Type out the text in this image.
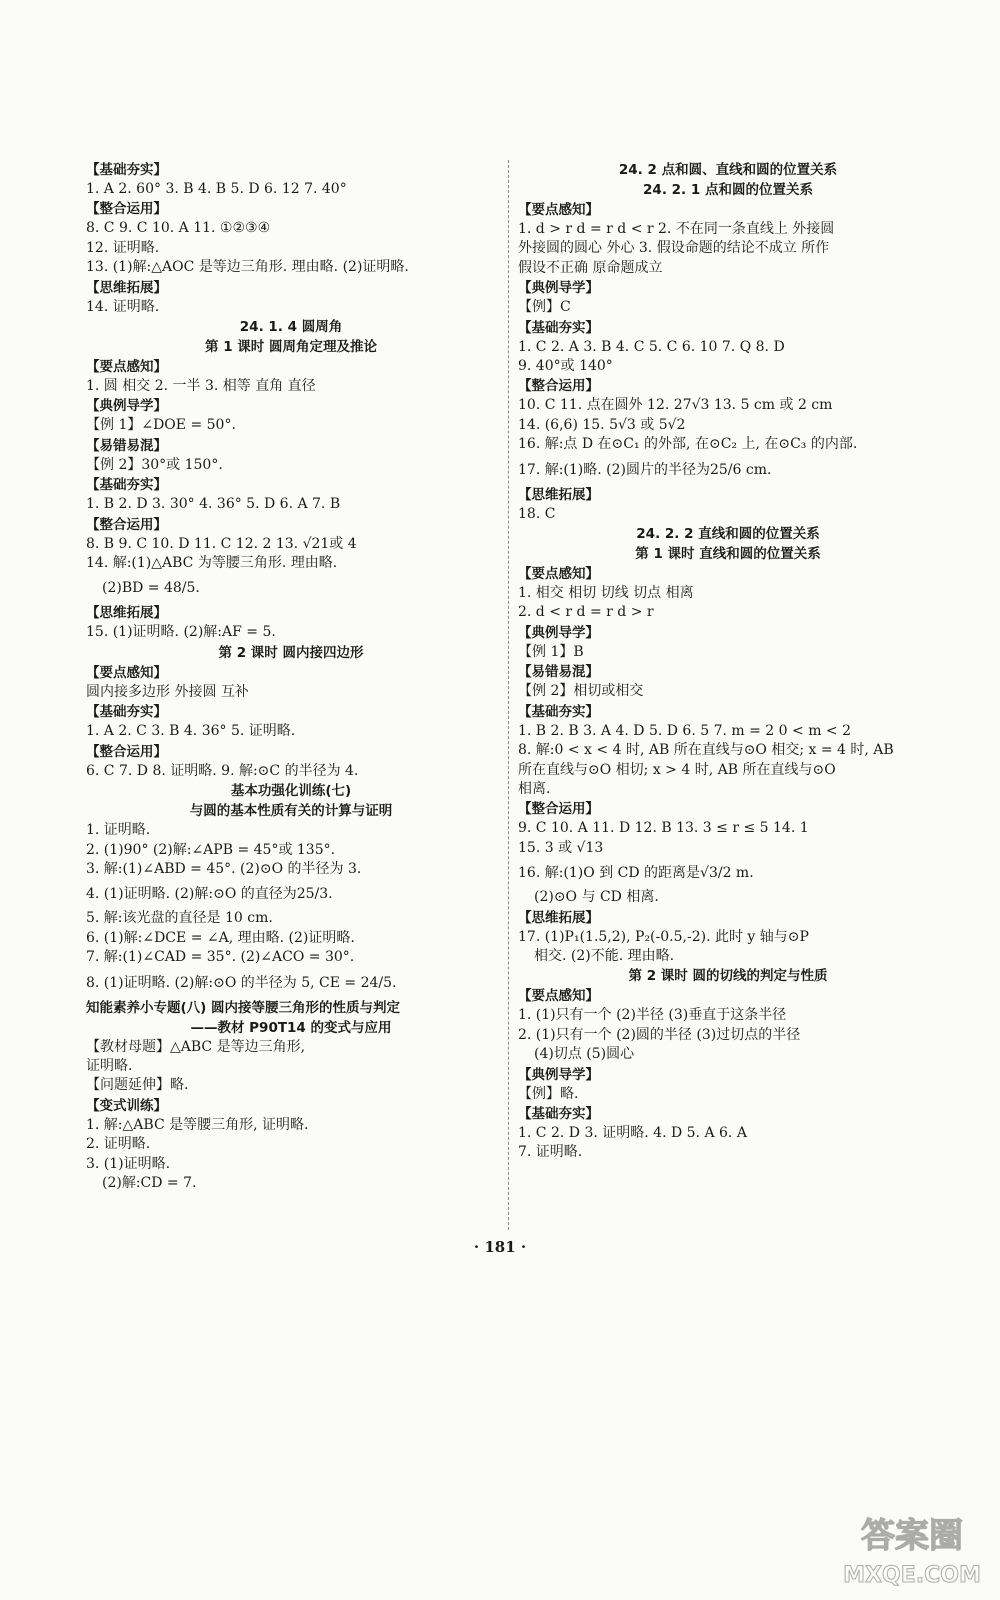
【基础夯实】
1. A 2. 60° 3. B 4. B 5. D 6. 12 7. 40°
【整合运用】
8. C 9. C 10. A 11. ①②③④
12. 证明略.
13. (1)解:△AOC 是等边三角形. 理由略. (2)证明略.
【思维拓展】
14. 证明略.
24. 1. 4 圆周角
第 1 课时 圆周角定理及推论
【要点感知】
1. 圆 相交 2. 一半 3. 相等 直角 直径
【典例导学】
【例 1】∠DOE = 50°.
【易错易混】
【例 2】30°或 150°.
【基础夯实】
1. B 2. D 3. 30° 4. 36° 5. D 6. A 7. B
【整合运用】
8. B 9. C 10. D 11. C 12. 2 13. √21或 4
14. 解:(1)△ABC 为等腰三角形. 理由略.
(2)BD = 48/5.
【思维拓展】
15. (1)证明略. (2)解:AF = 5.
第 2 课时 圆内接四边形
【要点感知】
圆内接多边形 外接圆 互补
【基础夯实】
1. A 2. C 3. B 4. 36° 5. 证明略.
【整合运用】
6. C 7. D 8. 证明略. 9. 解:⊙C 的半径为 4.
基本功强化训练(七)
与圆的基本性质有关的计算与证明
1. 证明略.
2. (1)90° (2)解:∠APB = 45°或 135°.
3. 解:(1)∠ABD = 45°. (2)⊙O 的半径为 3.
4. (1)证明略. (2)解:⊙O 的直径为25/3.
5. 解:该光盘的直径是 10 cm.
6. (1)解:∠DCE = ∠A, 理由略. (2)证明略.
7. 解:(1)∠CAD = 35°. (2)∠ACO = 30°.
8. (1)证明略. (2)解:⊙O 的半径为 5, CE = 24/5.
知能素养小专题(八) 圆内接等腰三角形的性质与判定
——教材 P90T14 的变式与应用
【教材母题】△ABC 是等边三角形,
证明略.
【问题延伸】略.
【变式训练】
1. 解:△ABC 是等腰三角形, 证明略.
2. 证明略.
3. (1)证明略.
(2)解:CD = 7.
24. 2 点和圆、直线和圆的位置关系
24. 2. 1 点和圆的位置关系
【要点感知】
1. d > r d = r d < r 2. 不在同一条直线上 外接圆
外接圆的圆心 外心 3. 假设命题的结论不成立 所作
假设不正确 原命题成立
【典例导学】
【例】C
【基础夯实】
1. C 2. A 3. B 4. C 5. C 6. 10 7. Q 8. D
9. 40°或 140°
【整合运用】
10. C 11. 点在圆外 12. 27√3 13. 5 cm 或 2 cm
14. (6,6) 15. 5√3 或 5√2
16. 解:点 D 在⊙C₁ 的外部, 在⊙C₂ 上, 在⊙C₃ 的内部.
17. 解:(1)略. (2)圆片的半径为25/6 cm.
【思维拓展】
18. C
24. 2. 2 直线和圆的位置关系
第 1 课时 直线和圆的位置关系
【要点感知】
1. 相交 相切 切线 切点 相离
2. d < r d = r d > r
【典例导学】
【例 1】B
【易错易混】
【例 2】相切或相交
【基础夯实】
1. B 2. B 3. A 4. D 5. D 6. 5 7. m = 2 0 < m < 2
8. 解:0 < x < 4 时, AB 所在直线与⊙O 相交; x = 4 时, AB
所在直线与⊙O 相切; x > 4 时, AB 所在直线与⊙O
相离.
【整合运用】
9. C 10. A 11. D 12. B 13. 3 ≤ r ≤ 5 14. 1
15. 3 或 √13
16. 解:(1)O 到 CD 的距离是√3/2 m.
(2)⊙O 与 CD 相离.
【思维拓展】
17. (1)P₁(1.5,2), P₂(-0.5,-2). 此时 y 轴与⊙P
相交. (2)不能. 理由略.
第 2 课时 圆的切线的判定与性质
【要点感知】
1. (1)只有一个 (2)半径 (3)垂直于这条半径
2. (1)只有一个 (2)圆的半径 (3)过切点的半径
(4)切点 (5)圆心
【典例导学】
【例】略.
【基础夯实】
1. C 2. D 3. 证明略. 4. D 5. A 6. A
7. 证明略.
· 181 ·
答案圈
MXQE.COM
